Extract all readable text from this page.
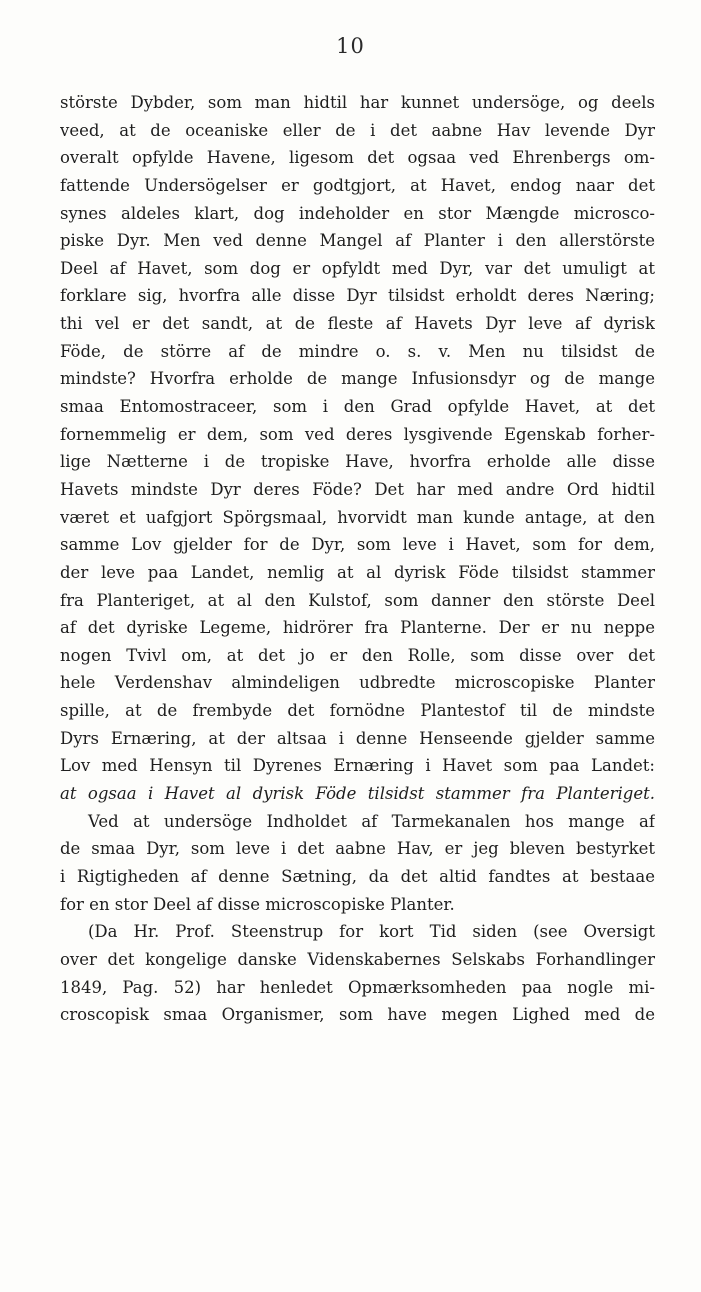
10
störste Dybder, som man hidtil har kunnet undersöge, og deels
veed, at de oceaniske eller de i det aabne Hav levende Dyr
overalt opfylde Havene, ligesom det ogsaa ved Ehrenbergs om-
fattende Undersögelser er godtgjort, at Havet, endog naar det
synes aldeles klart, dog indeholder en stor Mængde microsco-
piske Dyr. Men ved denne Mangel af Planter i den allerstörste
Deel af Havet, som dog er opfyldt med Dyr, var det umuligt at
forklare sig, hvorfra alle disse Dyr tilsidst erholdt deres Næring;
thi vel er det sandt, at de fleste af Havets Dyr leve af dyrisk
Föde, de större af de mindre o. s. v. Men nu tilsidst de
mindste? Hvorfra erholde de mange Infusionsdyr og de mange
smaa Entomostraceer, som i den Grad opfylde Havet, at det
fornemmelig er dem, som ved deres lysgivende Egenskab forher-
lige Nætterne i de tropiske Have, hvorfra erholde alle disse
Havets mindste Dyr deres Föde? Det har med andre Ord hidtil
været et uafgjort Spörgsmaal, hvorvidt man kunde antage, at den
samme Lov gjelder for de Dyr, som leve i Havet, som for dem,
der leve paa Landet, nemlig at al dyrisk Föde tilsidst stammer
fra Planteriget, at al den Kulstof, som danner den störste Deel
af det dyriske Legeme, hidrörer fra Planterne. Der er nu neppe
nogen Tvivl om, at det jo er den Rolle, som disse over det
hele Verdenshav almindeligen udbredte microscopiske Planter
spille, at de frembyde det fornödne Plantestof til de mindste
Dyrs Ernæring, at der altsaa i denne Henseende gjelder samme
Lov med Hensyn til Dyrenes Ernæring i Havet som paa Landet:
at ogsaa i Havet al dyrisk Föde tilsidst stammer fra Planteriget.
Ved at undersöge Indholdet af Tarmekanalen hos mange af
de smaa Dyr, som leve i det aabne Hav, er jeg bleven bestyrket
i Rigtigheden af denne Sætning, da det altid fandtes at bestaae
for en stor Deel af disse microscopiske Planter.
(Da Hr. Prof. Steenstrup for kort Tid siden (see Oversigt
over det kongelige danske Videnskabernes Selskabs Forhandlinger
1849, Pag. 52) har henledet Opmærksomheden paa nogle mi-
croscopisk smaa Organismer, som have megen Lighed med de
